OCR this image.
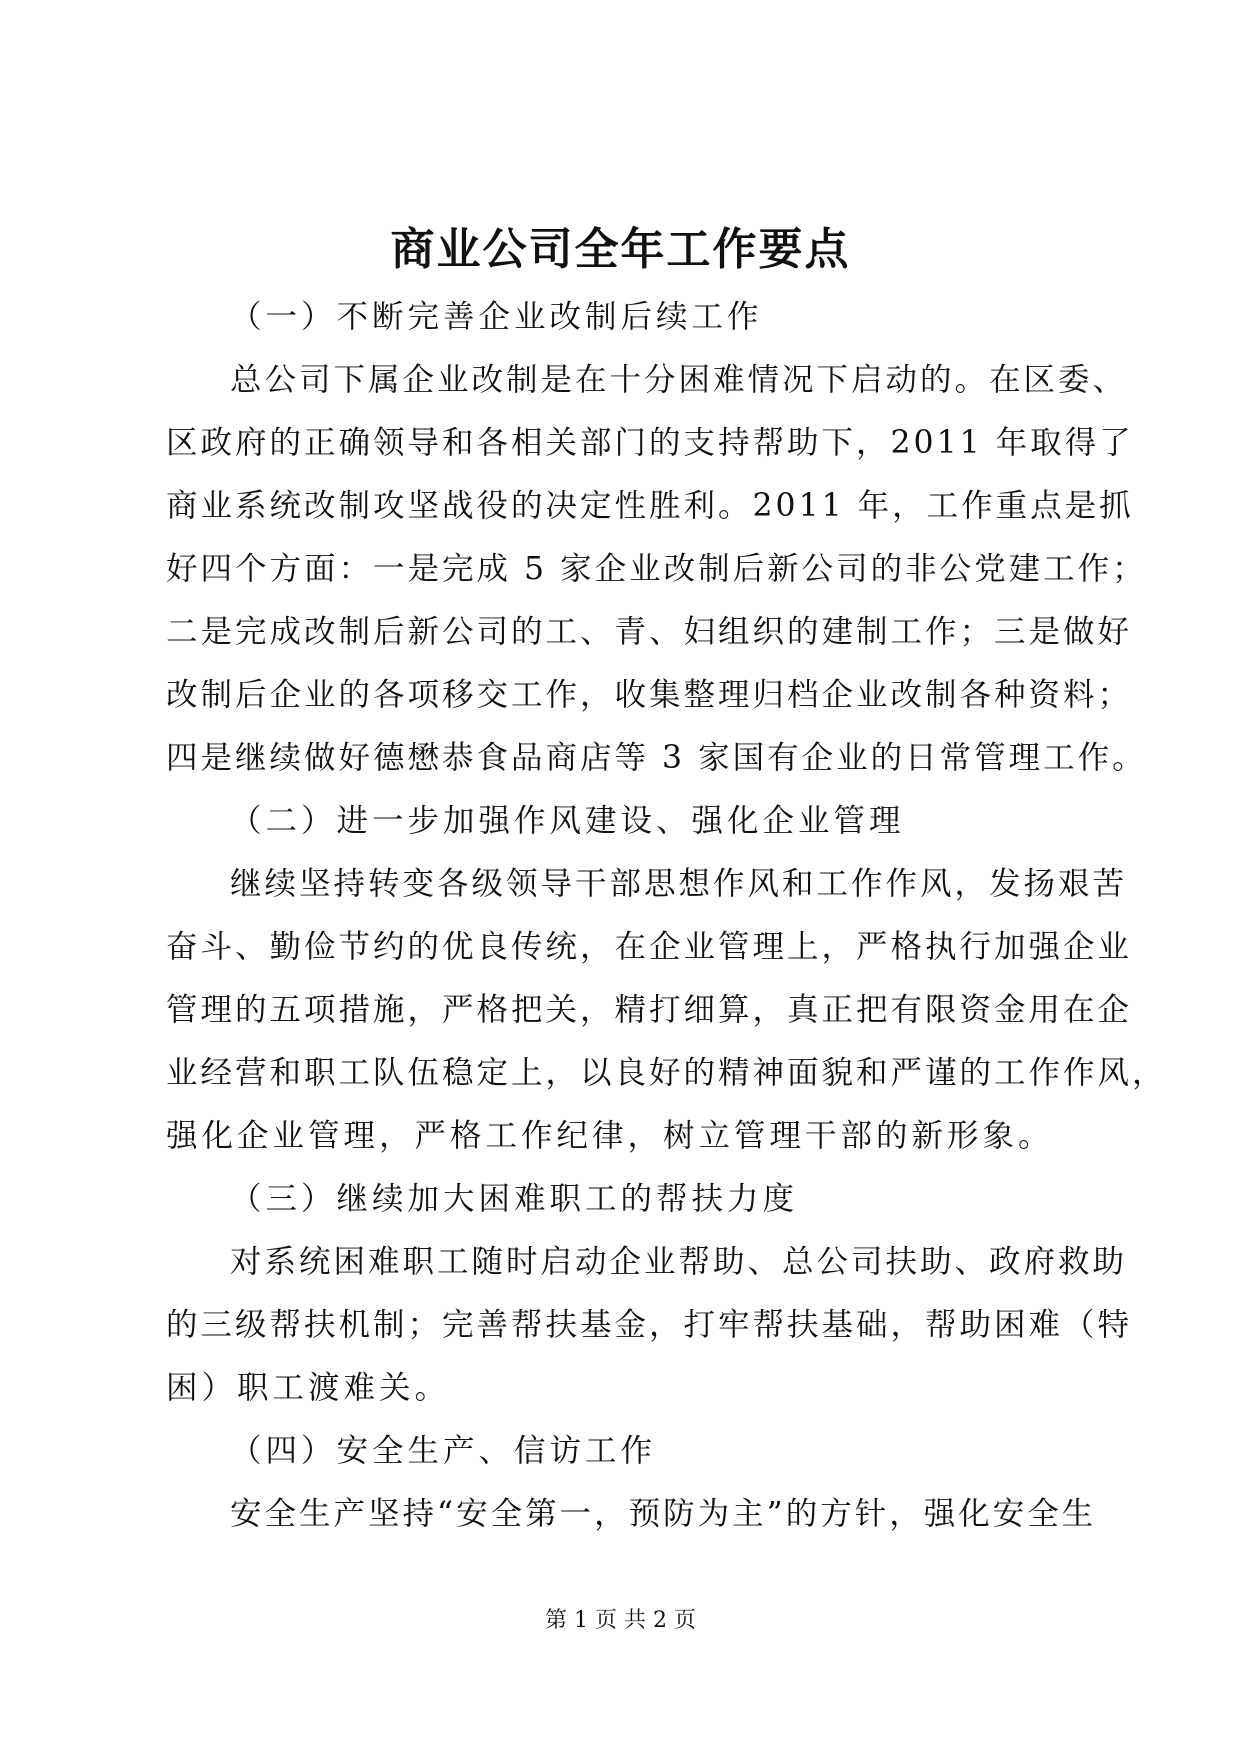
商业公司全年工作要点

（一）不断完善企业改制后续工作

总公司下属企业改制是在十分困难情况下启动的。在区委、

区政府的正确领导和各相关部门的支持帮助下，2011 年取得了

商业系统改制攻坚战役的决定性胜利。2011 年，工作重点是抓

好四个方面：一是完成 5 家企业改制后新公司的非公党建工作；

二是完成改制后新公司的工、青、妇组织的建制工作；三是做好

改制后企业的各项移交工作，收集整理归档企业改制各种资料；

四是继续做好德懋恭食品商店等 3 家国有企业的日常管理工作。

（二）进一步加强作风建设、强化企业管理

继续坚持转变各级领导干部思想作风和工作作风，发扬艰苦

奋斗、勤俭节约的优良传统，在企业管理上，严格执行加强企业

管理的五项措施，严格把关，精打细算，真正把有限资金用在企

业经营和职工队伍稳定上，以良好的精神面貌和严谨的工作作风，

强化企业管理，严格工作纪律，树立管理干部的新形象。

（三）继续加大困难职工的帮扶力度

对系统困难职工随时启动企业帮助、总公司扶助、政府救助

的三级帮扶机制；完善帮扶基金，打牢帮扶基础，帮助困难（特

困）职工渡难关。

（四）安全生产、信访工作

安全生产坚持“安全第一，预防为主”的方针，强化安全生

第 1 页 共 2 页
